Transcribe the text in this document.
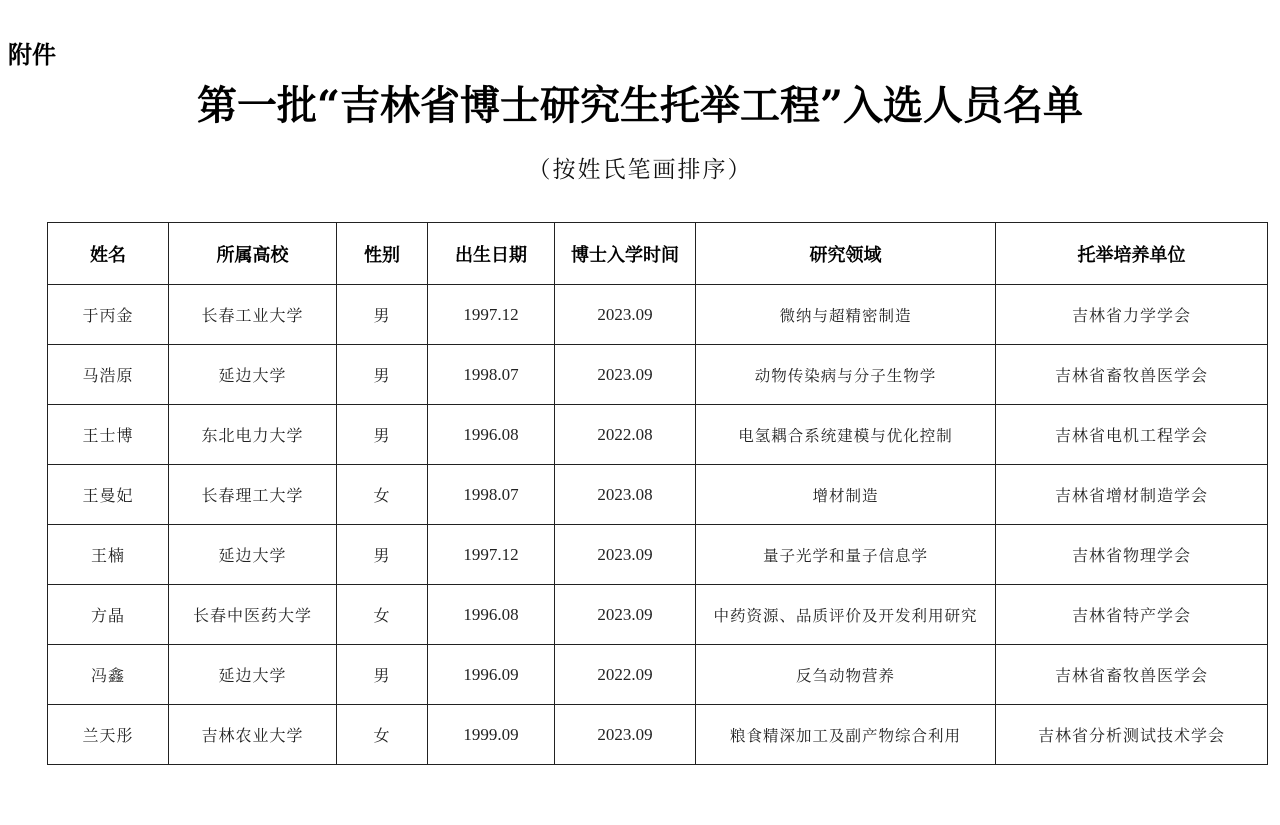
附件
第一批“吉林省博士研究生托举工程”入选人员名单
（按姓氏笔画排序）
姓名	所属高校	性别	出生日期	博士入学时间	研究领域	托举培养单位
于丙金	长春工业大学	男	1997.12	2023.09	微纳与超精密制造	吉林省力学学会
马浩原	延边大学	男	1998.07	2023.09	动物传染病与分子生物学	吉林省畜牧兽医学会
王士博	东北电力大学	男	1996.08	2022.08	电氢耦合系统建模与优化控制	吉林省电机工程学会
王曼妃	长春理工大学	女	1998.07	2023.08	增材制造	吉林省增材制造学会
王楠	延边大学	男	1997.12	2023.09	量子光学和量子信息学	吉林省物理学会
方晶	长春中医药大学	女	1996.08	2023.09	中药资源、品质评价及开发利用研究	吉林省特产学会
冯鑫	延边大学	男	1996.09	2022.09	反刍动物营养	吉林省畜牧兽医学会
兰天彤	吉林农业大学	女	1999.09	2023.09	粮食精深加工及副产物综合利用	吉林省分析测试技术学会
